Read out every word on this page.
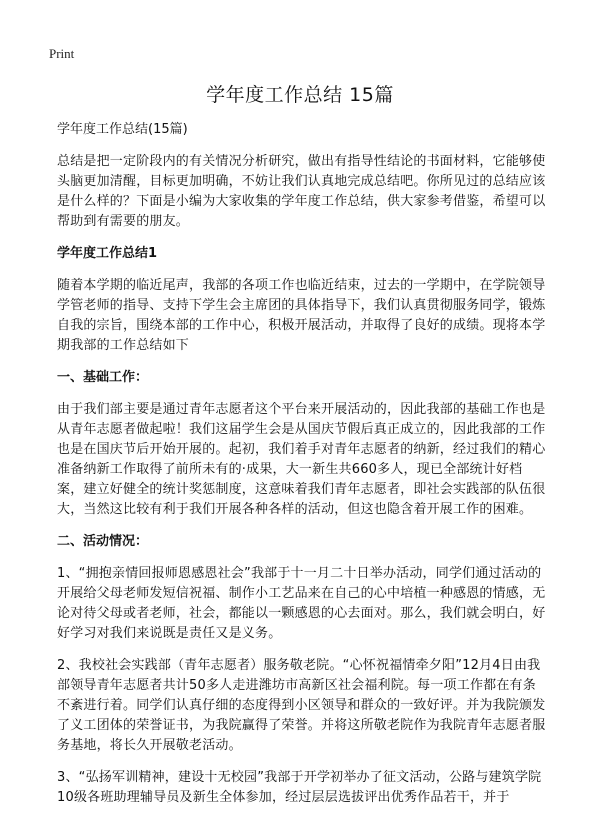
Print
学年度工作总结 15篇

学年度工作总结(15篇)

总结是把一定阶段内的有关情况分析研究，做出有指导性结论的书面材料，它能够使头脑更加清醒，目标更加明确，不妨让我们认真地完成总结吧。你所见过的总结应该是什么样的？下面是小编为大家收集的学年度工作总结，供大家参考借鉴，希望可以帮助到有需要的朋友。

学年度工作总结1

随着本学期的临近尾声，我部的各项工作也临近结束，过去的一学期中，在学院领导学管老师的指导、支持下学生会主席团的具体指导下，我们认真贯彻服务同学，锻炼自我的宗旨，围绕本部的工作中心，积极开展活动，并取得了良好的成绩。现将本学期我部的工作总结如下

一、基础工作：

由于我们部主要是通过青年志愿者这个平台来开展活动的，因此我部的基础工作也是从青年志愿者做起啦！我们这届学生会是从国庆节假后真正成立的，因此我部的工作也是在国庆节后开始开展的。起初，我们着手对青年志愿者的纳新，经过我们的精心准备纳新工作取得了前所未有的·成果，大一新生共660多人，现已全部统计好档案，建立好健全的统计奖惩制度，这意味着我们青年志愿者，即社会实践部的队伍很大，当然这比较有利于我们开展各种各样的活动，但这也隐含着开展工作的困难。

二、活动情况：

1、“拥抱亲情回报师恩感恩社会”我部于十一月二十日举办活动，同学们通过活动的开展给父母老师发短信祝福、制作小工艺品来在自己的心中培植一种感恩的情感，无论对待父母或者老师，社会，都能以一颗感恩的心去面对。那么，我们就会明白，好好学习对我们来说既是责任又是义务。

2、我校社会实践部（青年志愿者）服务敬老院。“心怀祝福情牵夕阳”12月4日由我部领导青年志愿者共计50多人走进潍坊市高新区社会福利院。每一项工作都在有条不紊进行着。同学们认真仔细的态度得到小区领导和群众的一致好评。并为我院颁发了义工团体的荣誉证书，为我院赢得了荣誉。并将这所敬老院作为我院青年志愿者服务基地，将长久开展敬老活动。

3、“弘扬军训精神，建设十无校园”我部于开学初举办了征文活动，公路与建筑学院10级各班助理辅导员及新生全体参加，经过层层选拔评出优秀作品若干，并于
